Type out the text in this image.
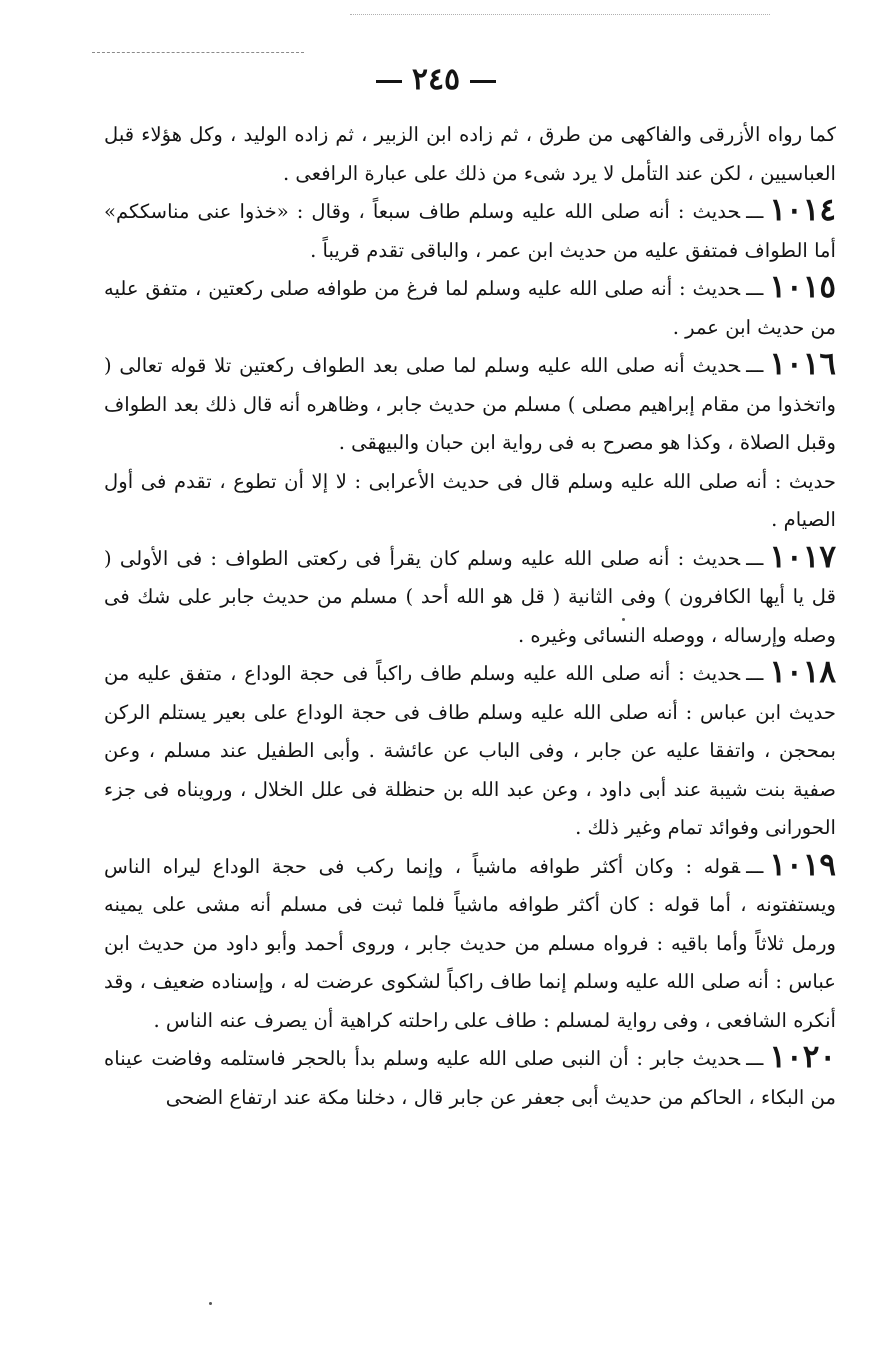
٢٤٥

كما رواه الأزرقى والفاكهى من طرق ، ثم زاده ابن الزبير ، ثم زاده الوليد ، وكل هؤلاء قبل العباسيين ، لكن عند التأمل لا يرد شىء من ذلك على عبارة الرافعى .

١٠١٤ـــحديث : أنه صلى الله عليه وسلم طاف سبعاً ، وقال : «خذوا عنى مناسككم» أما الطواف فمتفق عليه من حديث ابن عمر ، والباقى تقدم قريباً .

١٠١٥ـــحديث : أنه صلى الله عليه وسلم لما فرغ من طوافه صلى ركعتين ، متفق عليه من حديث ابن عمر .

١٠١٦ـــحديث أنه صلى الله عليه وسلم لما صلى بعد الطواف ركعتين تلا قوله تعالى ( واتخذوا من مقام إبراهيم مصلى ) مسلم من حديث جابر ، وظاهره أنه قال ذلك بعد الطواف وقبل الصلاة ، وكذا هو مصرح به فى رواية ابن حبان والبيهقى .

حديث : أنه صلى الله عليه وسلم قال فى حديث الأعرابى : لا إلا أن تطوع ، تقدم فى أول الصيام .

١٠١٧ـــحديث : أنه صلى الله عليه وسلم كان يقرأ فى ركعتى الطواف : فى الأولى ( قل يا أيها الكافرون ) وفى الثانية ( قل هو الله أحد ) مسلم من حديث جابر على شك فى وصله وإرساله ، ووصله النسائى وغيره .

١٠١٨ـــحديث : أنه صلى الله عليه وسلم طاف راكباً فى حجة الوداع ، متفق عليه من حديث ابن عباس : أنه صلى الله عليه وسلم طاف فى حجة الوداع على بعير يستلم الركن بمحجن ، واتفقا عليه عن جابر ، وفى الباب عن عائشة . وأبى الطفيل عند مسلم ، وعن صفية بنت شيبة عند أبى داود ، وعن عبد الله بن حنظلة فى علل الخلال ، ورويناه فى جزء الحورانى وفوائد تمام وغير ذلك .

١٠١٩ـــقوله : وكان أكثر طوافه ماشياً ، وإنما ركب فى حجة الوداع ليراه الناس ويستفتونه ، أما قوله : كان أكثر طوافه ماشياً فلما ثبت فى مسلم أنه مشى على يمينه ورمل ثلاثاً وأما باقيه : فرواه مسلم من حديث جابر ، وروى أحمد وأبو داود من حديث ابن عباس : أنه صلى الله عليه وسلم إنما طاف راكباً لشكوى عرضت له ، وإسناده ضعيف ، وقد أنكره الشافعى ، وفى رواية لمسلم : طاف على راحلته كراهية أن يصرف عنه الناس .

١٠٢٠ـــحديث جابر : أن النبى صلى الله عليه وسلم بدأ بالحجر فاستلمه وفاضت عيناه من البكاء ، الحاكم من حديث أبى جعفر عن جابر قال ، دخلنا مكة عند ارتفاع الضحى
